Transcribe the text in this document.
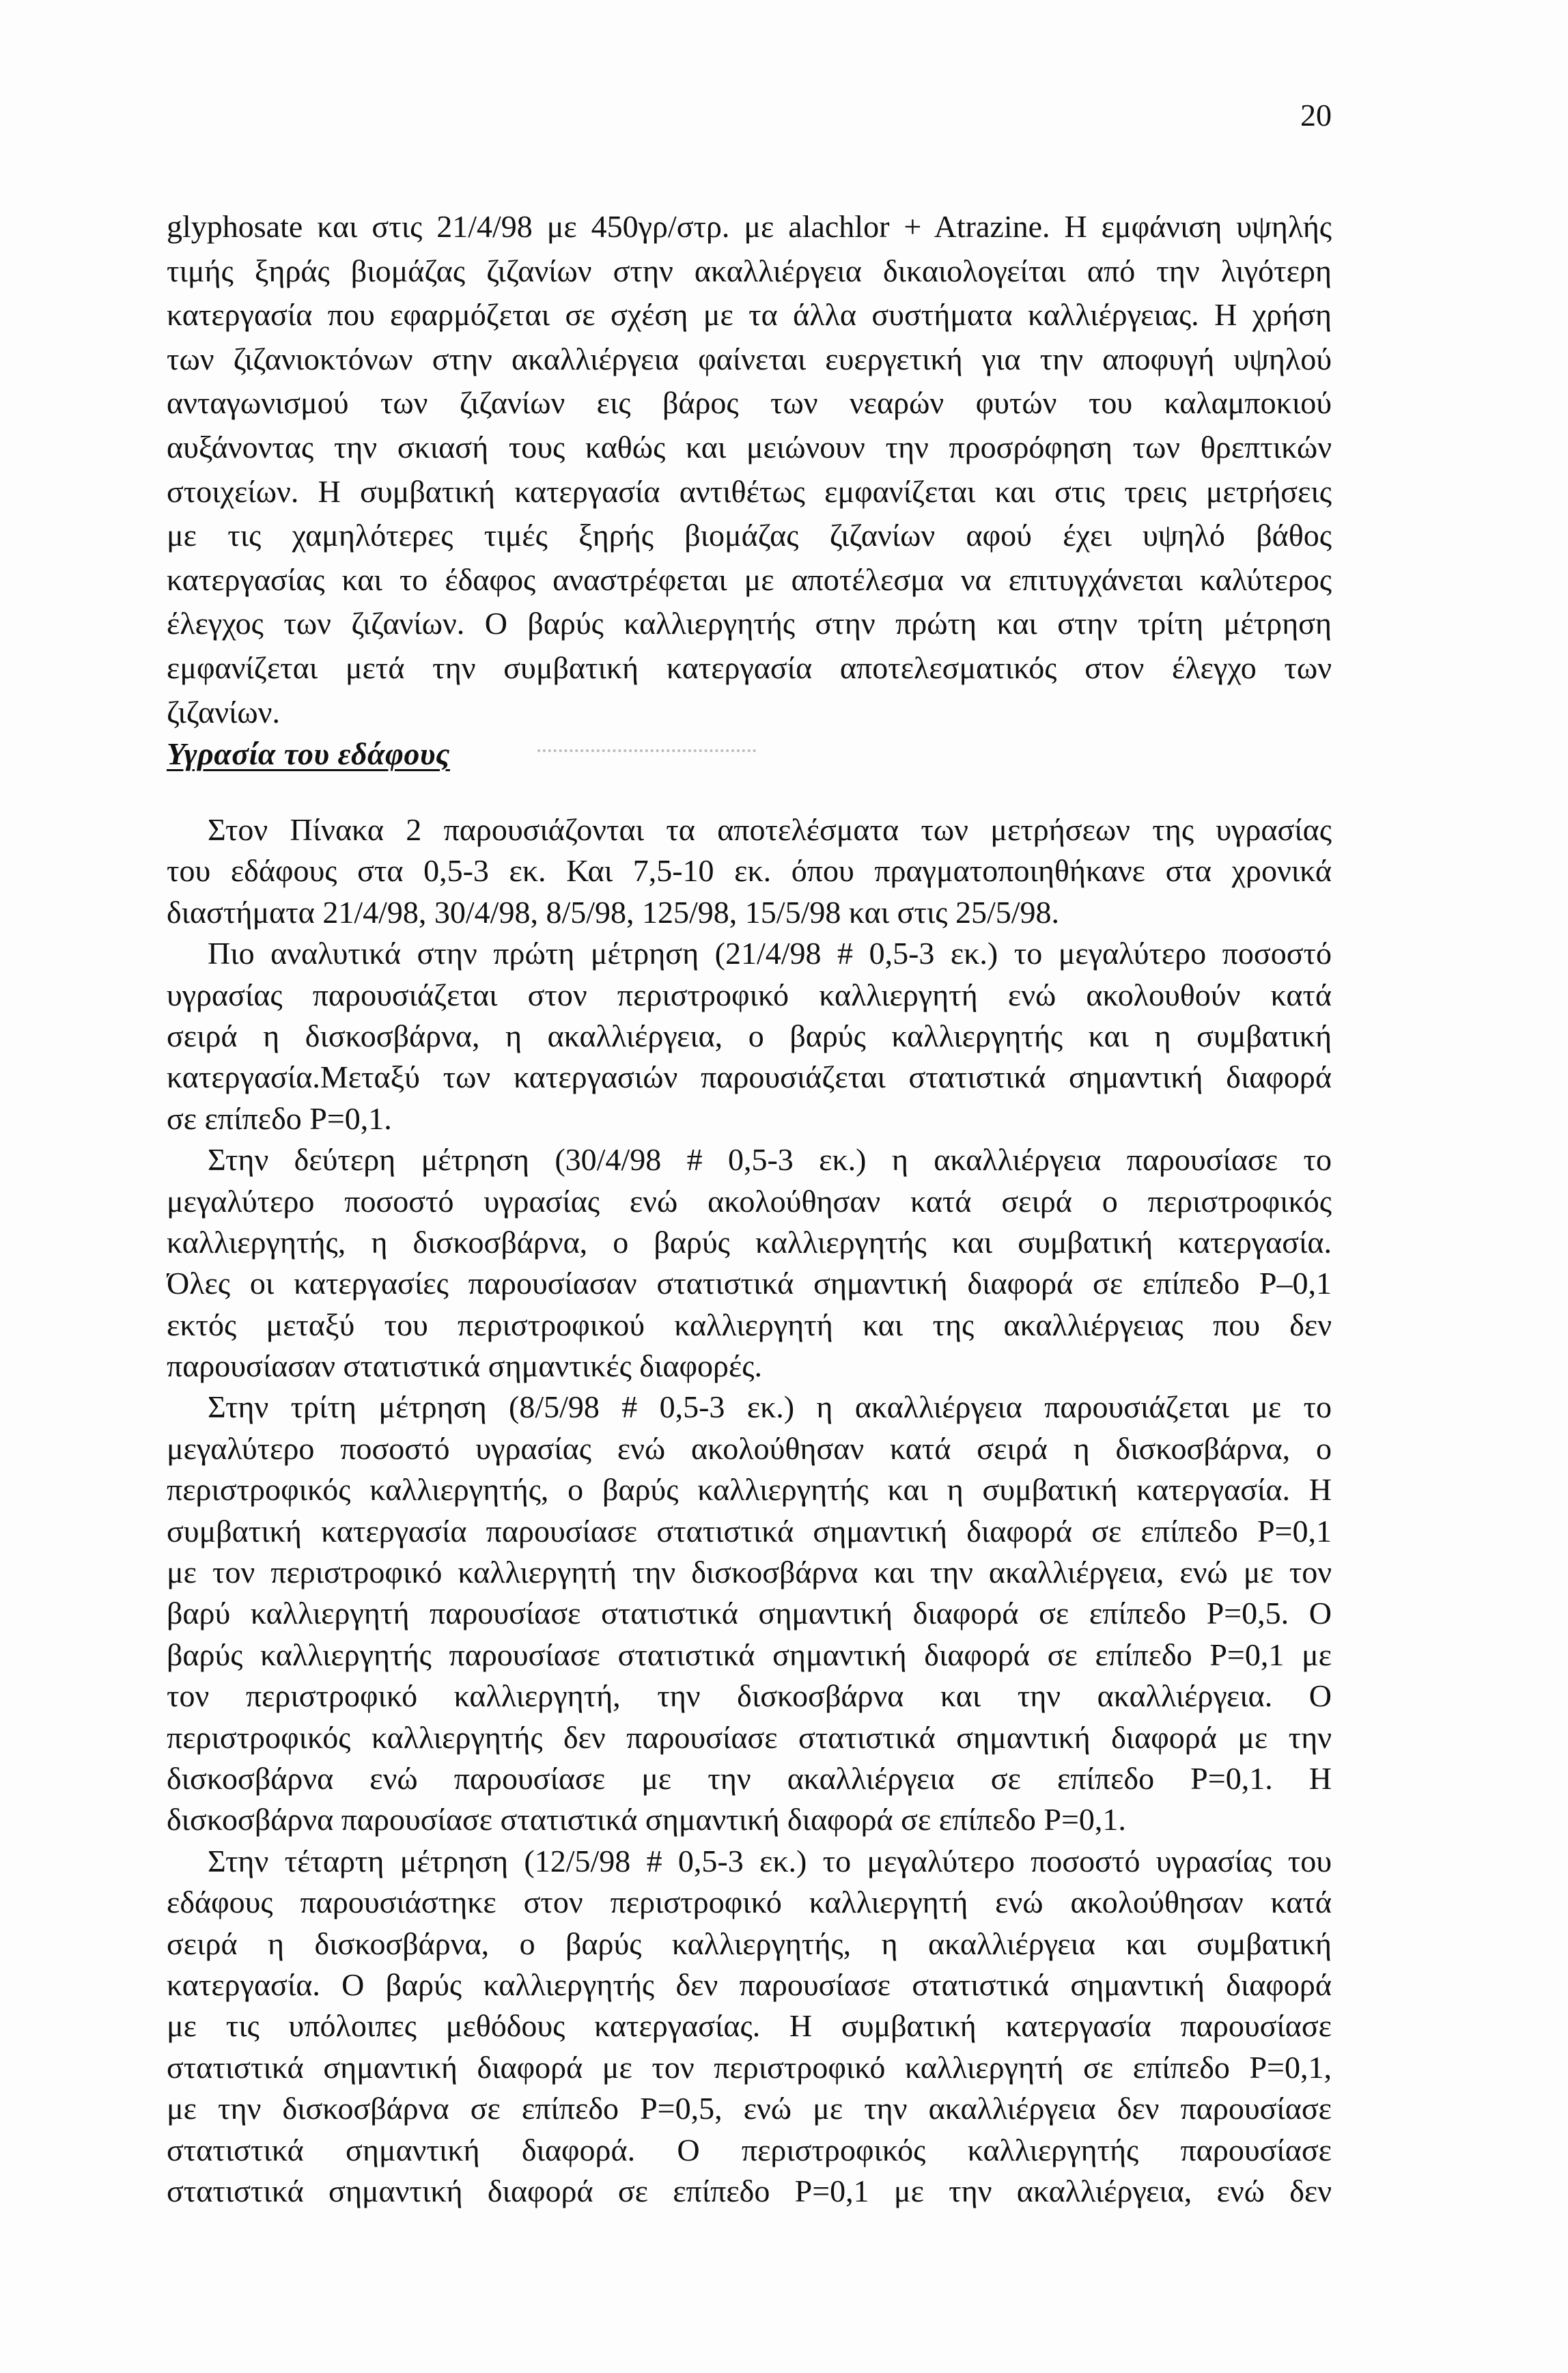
20
glyphosate και στις 21/4/98 με 450γρ/στρ. με alachlor + Atrazine. Η εμφάνιση υψηλής
τιμής ξηράς βιομάζας ζιζανίων στην ακαλλιέργεια δικαιολογείται από την λιγότερη
κατεργασία που εφαρμόζεται σε σχέση με τα άλλα συστήματα καλλιέργειας. Η χρήση
των ζιζανιοκτόνων στην ακαλλιέργεια φαίνεται ευεργετική για την αποφυγή υψηλού
ανταγωνισμού των ζιζανίων εις βάρος των νεαρών φυτών του καλαμποκιού
αυξάνοντας την σκιασή τους καθώς και μειώνουν την προσρόφηση των θρεπτικών
στοιχείων. Η συμβατική κατεργασία αντιθέτως εμφανίζεται και στις τρεις μετρήσεις
με τις χαμηλότερες τιμές ξηρής βιομάζας ζιζανίων αφού έχει υψηλό βάθος
κατεργασίας και το έδαφος αναστρέφεται με αποτέλεσμα να επιτυγχάνεται καλύτερος
έλεγχος των ζιζανίων. Ο βαρύς καλλιεργητής στην πρώτη και στην τρίτη μέτρηση
εμφανίζεται μετά την συμβατική κατεργασία αποτελεσματικός στον έλεγχο των
ζιζανίων.
Υγρασία του εδάφους
Στον Πίνακα 2 παρουσιάζονται τα αποτελέσματα των μετρήσεων της υγρασίας
του εδάφους στα 0,5-3 εκ. Και 7,5-10 εκ. όπου πραγματοποιηθήκανε στα χρονικά
διαστήματα 21/4/98, 30/4/98, 8/5/98, 125/98, 15/5/98 και στις 25/5/98.
Πιο αναλυτικά στην πρώτη μέτρηση (21/4/98 # 0,5-3 εκ.) το μεγαλύτερο ποσοστό
υγρασίας παρουσιάζεται στον περιστροφικό καλλιεργητή ενώ ακολουθούν κατά
σειρά η δισκοσβάρνα, η ακαλλιέργεια, ο βαρύς καλλιεργητής και η συμβατική
κατεργασία.Μεταξύ των κατεργασιών παρουσιάζεται στατιστικά σημαντική διαφορά
σε επίπεδο P=0,1.
Στην δεύτερη μέτρηση (30/4/98 # 0,5-3 εκ.) η ακαλλιέργεια παρουσίασε το
μεγαλύτερο ποσοστό υγρασίας ενώ ακολούθησαν κατά σειρά ο περιστροφικός
καλλιεργητής, η δισκοσβάρνα, ο βαρύς καλλιεργητής και συμβατική κατεργασία.
Όλες οι κατεργασίες παρουσίασαν στατιστικά σημαντική διαφορά σε επίπεδο P–0,1
εκτός μεταξύ του περιστροφικού καλλιεργητή και της ακαλλιέργειας που δεν
παρουσίασαν στατιστικά σημαντικές διαφορές.
Στην τρίτη μέτρηση (8/5/98 # 0,5-3 εκ.) η ακαλλιέργεια παρουσιάζεται με το
μεγαλύτερο ποσοστό υγρασίας ενώ ακολούθησαν κατά σειρά η δισκοσβάρνα, ο
περιστροφικός καλλιεργητής, ο βαρύς καλλιεργητής και η συμβατική κατεργασία. Η
συμβατική κατεργασία παρουσίασε στατιστικά σημαντική διαφορά σε επίπεδο P=0,1
με τον περιστροφικό καλλιεργητή την δισκοσβάρνα και την ακαλλιέργεια, ενώ με τον
βαρύ καλλιεργητή παρουσίασε στατιστικά σημαντική διαφορά σε επίπεδο P=0,5. Ο
βαρύς καλλιεργητής παρουσίασε στατιστικά σημαντική διαφορά σε επίπεδο P=0,1 με
τον περιστροφικό καλλιεργητή, την δισκοσβάρνα και την ακαλλιέργεια. Ο
περιστροφικός καλλιεργητής δεν παρουσίασε στατιστικά σημαντική διαφορά με την
δισκοσβάρνα ενώ παρουσίασε με την ακαλλιέργεια σε επίπεδο P=0,1. Η
δισκοσβάρνα παρουσίασε στατιστικά σημαντική διαφορά σε επίπεδο P=0,1.
Στην τέταρτη μέτρηση (12/5/98 # 0,5-3 εκ.) το μεγαλύτερο ποσοστό υγρασίας του
εδάφους παρουσιάστηκε στον περιστροφικό καλλιεργητή ενώ ακολούθησαν κατά
σειρά η δισκοσβάρνα, ο βαρύς καλλιεργητής, η ακαλλιέργεια και συμβατική
κατεργασία. Ο βαρύς καλλιεργητής δεν παρουσίασε στατιστικά σημαντική διαφορά
με τις υπόλοιπες μεθόδους κατεργασίας. Η συμβατική κατεργασία παρουσίασε
στατιστικά σημαντική διαφορά με τον περιστροφικό καλλιεργητή σε επίπεδο P=0,1,
με την δισκοσβάρνα σε επίπεδο P=0,5, ενώ με την ακαλλιέργεια δεν παρουσίασε
στατιστικά σημαντική διαφορά. Ο περιστροφικός καλλιεργητής παρουσίασε
στατιστικά σημαντική διαφορά σε επίπεδο P=0,1 με την ακαλλιέργεια, ενώ δεν
